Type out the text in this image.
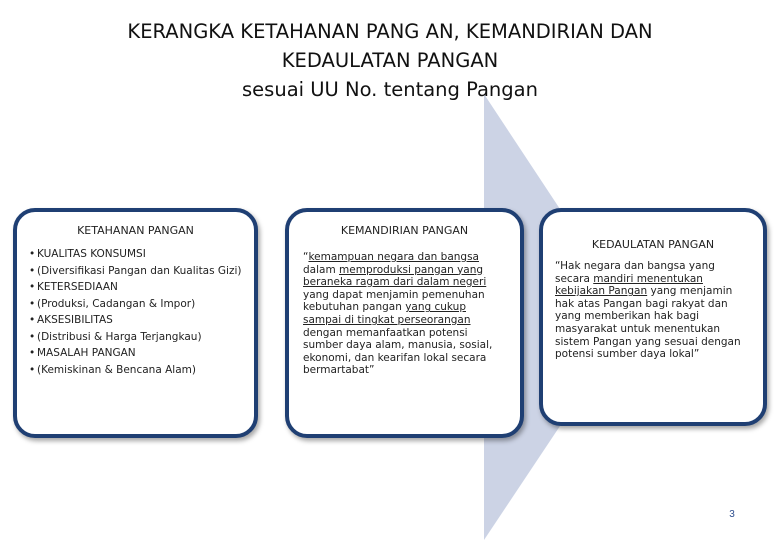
KERANGKA KETAHANAN PANG AN, KEMANDIRIAN DAN
KEDAULATAN PANGAN
sesuai UU No. tentang Pangan
KETAHANAN PANGAN
• KUALITAS KONSUMSI
• (Diversifikasi Pangan dan Kualitas Gizi)
• KETERSEDIAAN
• (Produksi, Cadangan & Impor)
• AKSESIBILITAS
• (Distribusi & Harga Terjangkau)
• MASALAH PANGAN
• (Kemiskinan & Bencana Alam)
KEMANDIRIAN PANGAN

“kemampuan negara dan bangsa dalam memproduksi pangan yang beraneka ragam dari dalam negeri yang dapat menjamin pemenuhan kebutuhan pangan yang cukup sampai di tingkat perseorangan dengan memanfaatkan potensi sumber daya alam, manusia, sosial, ekonomi, dan kearifan lokal secara bermartabat”

KEDAULATAN PANGAN

“Hak negara dan bangsa yang secara mandiri menentukan kebijakan Pangan yang menjamin hak atas Pangan bagi rakyat dan yang memberikan hak bagi masyarakat untuk menentukan sistem Pangan yang sesuai dengan potensi sumber daya lokal”

3
